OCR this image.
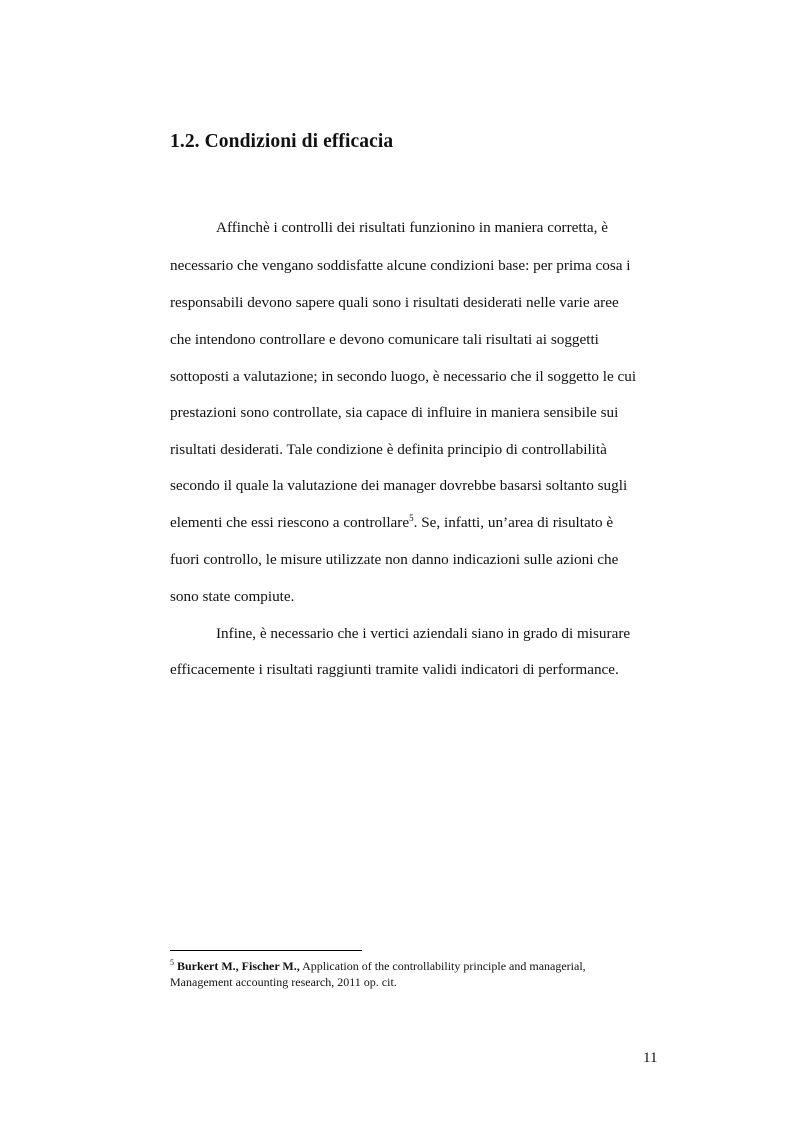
1.2. Condizioni di efficacia

Affinchè i controlli dei risultati funzionino in maniera corretta, è

necessario che vengano soddisfatte alcune condizioni base: per prima cosa i

responsabili devono sapere quali sono i risultati desiderati nelle varie aree

che intendono controllare e devono comunicare tali risultati ai soggetti

sottoposti a valutazione; in secondo luogo, è necessario che il soggetto le cui

prestazioni sono controllate, sia capace di influire in maniera sensibile sui

risultati desiderati. Tale condizione è definita principio di controllabilità

secondo il quale la valutazione dei manager dovrebbe basarsi soltanto sugli

elementi che essi riescono a controllare$^5$. Se, infatti, un’area di risultato è

fuori controllo, le misure utilizzate non danno indicazioni sulle azioni che

sono state compiute.

Infine, è necessario che i vertici aziendali siano in grado di misurare

efficacemente i risultati raggiunti tramite validi indicatori di performance.

$^5$ Burkert M., Fischer M., Application of the controllability principle and managerial,

Management accounting research, 2011 op. cit.

11
